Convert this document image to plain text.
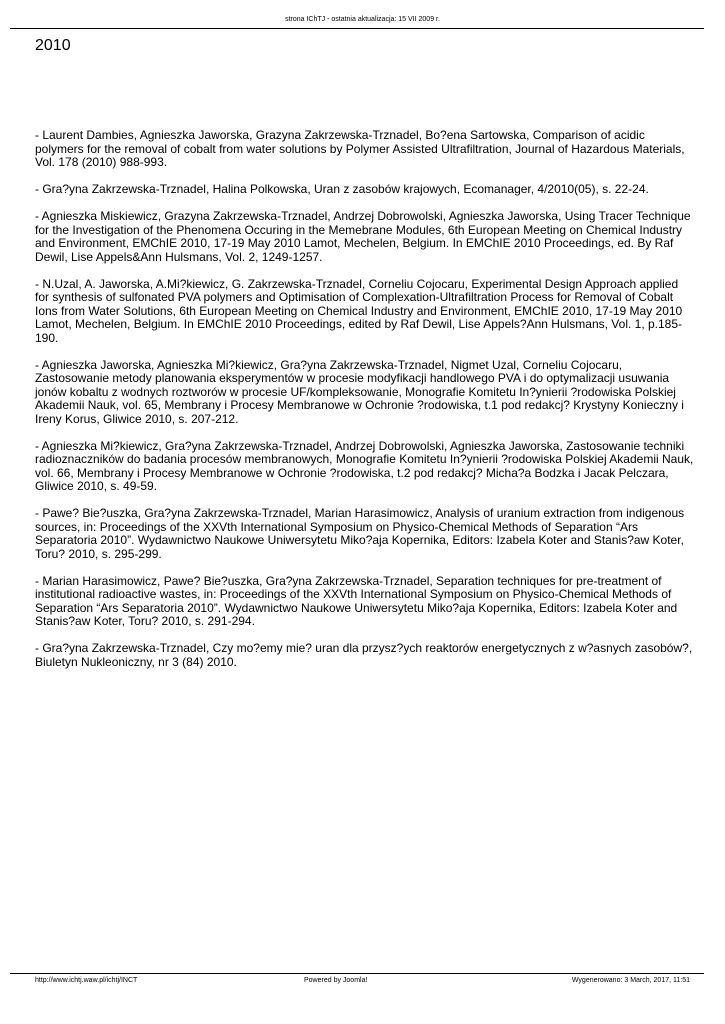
strona IChTJ - ostatnia aktualizacja: 15 VII 2009 r.
2010

- Laurent Dambies, Agnieszka Jaworska, Grazyna Zakrzewska-Trznadel, Bo?ena Sartowska, Comparison of acidic polymers for the removal of cobalt from water solutions by Polymer Assisted Ultrafiltration, Journal of Hazardous Materials, Vol. 178 (2010) 988-993.

- Gra?yna Zakrzewska-Trznadel, Halina Polkowska, Uran z zasobów krajowych, Ecomanager, 4/2010(05), s. 22-24.

- Agnieszka Miskiewicz, Grazyna Zakrzewska-Trznadel, Andrzej Dobrowolski, Agnieszka Jaworska, Using Tracer Technique for the Investigation of the Phenomena Occuring in the Memebrane Modules, 6th European Meeting on Chemical Industry and Environment, EMChIE 2010, 17-19 May 2010 Lamot, Mechelen, Belgium. In EMChIE 2010 Proceedings, ed. By Raf Dewil, Lise Appels&Ann Hulsmans, Vol. 2, 1249-1257.

- N.Uzal, A. Jaworska, A.Mi?kiewicz, G. Zakrzewska-Trznadel, Corneliu Cojocaru, Experimental Design Approach applied for synthesis of sulfonated PVA polymers and Optimisation of Complexation-Ultrafiltration Process for Removal of Cobalt Ions from Water Solutions, 6th European Meeting on Chemical Industry and Environment, EMChIE 2010, 17-19 May 2010 Lamot, Mechelen, Belgium. In EMChIE 2010 Proceedings, edited by Raf Dewil, Lise Appels?Ann Hulsmans, Vol. 1, p.185-190.

- Agnieszka Jaworska, Agnieszka Mi?kiewicz, Gra?yna Zakrzewska-Trznadel, Nigmet Uzal, Corneliu Cojocaru, Zastosowanie metody planowania eksperymentów w procesie modyfikacji handlowego PVA i do optymalizacji usuwania jonów kobaltu z wodnych roztworów w procesie UF/kompleksowanie, Monografie Komitetu In?ynierii ?rodowiska Polskiej Akademii Nauk, vol. 65, Membrany i Procesy Membranowe w Ochronie ?rodowiska, t.1 pod redakcj? Krystyny Konieczny i Ireny Korus, Gliwice 2010, s. 207-212.

- Agnieszka Mi?kiewicz, Gra?yna Zakrzewska-Trznadel, Andrzej Dobrowolski, Agnieszka Jaworska, Zastosowanie techniki radioznaczników do badania procesów membranowych, Monografie Komitetu In?ynierii ?rodowiska Polskiej Akademii Nauk, vol. 66, Membrany i Procesy Membranowe w Ochronie ?rodowiska, t.2 pod redakcj? Micha?a Bodzka i Jacak Pelczara, Gliwice 2010, s. 49-59.

- Pawe? Bie?uszka, Gra?yna Zakrzewska-Trznadel, Marian Harasimowicz, Analysis of uranium extraction from indigenous sources, in: Proceedings of the XXVth International Symposium on Physico-Chemical Methods of Separation “Ars Separatoria 2010”. Wydawnictwo Naukowe Uniwersytetu Miko?aja Kopernika, Editors: Izabela Koter and Stanis?aw Koter, Toru? 2010, s. 295-299.

- Marian Harasimowicz, Pawe? Bie?uszka, Gra?yna Zakrzewska-Trznadel, Separation techniques for pre-treatment of institutional radioactive wastes, in: Proceedings of the XXVth International Symposium on Physico-Chemical Methods of Separation “Ars Separatoria 2010”. Wydawnictwo Naukowe Uniwersytetu Miko?aja Kopernika, Editors: Izabela Koter and Stanis?aw Koter, Toru? 2010, s. 291-294.

- Gra?yna Zakrzewska-Trznadel, Czy mo?emy mie? uran dla przysz?ych reaktorów energetycznych z w?asnych zasobów?, Biuletyn Nukleoniczny, nr 3 (84) 2010.

http://www.ichtj.waw.pl/ichtj/INCT	Powered by Joomla!	Wygenerowano: 3 March, 2017, 11:51
